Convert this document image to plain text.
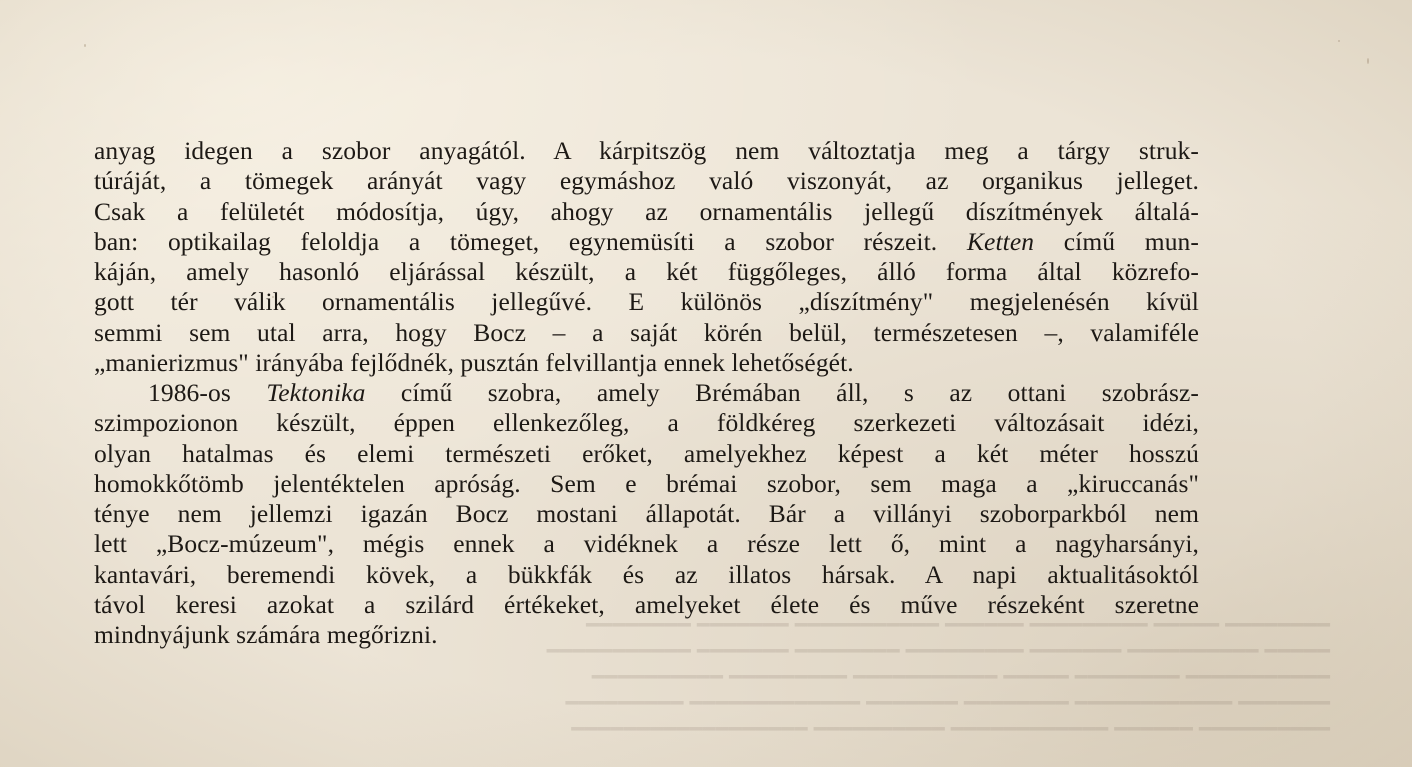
━━━━━━━━ ━━━━━ ━━━━━━━━━ ━━━━━━ ━━━━━━━━━━━ ━━━━━━━ ━━━━━━━━
━━━━━ ━━━━━━━━━━ ━━━━━━━ ━━━━━━━━━ ━━━━━━━━ ━━━━━━━ ━━━━━━━━━━━
━━━━━━━━━━━ ━━━━━━━━ ━━━━━ ━━━━━━━━━━━ ━━━━━━━━━ ━━━━━━━━━━
━━━━━━━ ━━━━━━━━━━━━ ━━━━━━━━ ━━━━━━━ ━━━━━━━━━━━━━ ━━━━━━━━━
━━━━━━━━━━ ━━━━━━ ━━━━━━━━━━━━ ━━━━━━━━━━ ━━━━━━━━━━━━━━━━━━
anyag idegen a szobor anyagától. A kárpitszög nem változtatja meg a tárgy struk-
túráját, a tömegek arányát vagy egymáshoz való viszonyát, az organikus jelleget.
Csak a felületét módosítja, úgy, ahogy az ornamentális jellegű díszítmények általá-
ban: optikailag feloldja a tömeget, egynemüsíti a szobor részeit. Ketten című mun-
káján, amely hasonló eljárással készült, a két függőleges, álló forma által közrefo-
gott tér válik ornamentális jellegűvé. E különös „díszítmény" megjelenésén kívül
semmi sem utal arra, hogy Bocz – a saját körén belül, természetesen –, valamiféle
„manierizmus" irányába fejlődnék, pusztán felvillantja ennek lehetőségét.
1986-os Tektonika című szobra, amely Brémában áll, s az ottani szobrász-
szimpozionon készült, éppen ellenkezőleg, a földkéreg szerkezeti változásait idézi,
olyan hatalmas és elemi természeti erőket, amelyekhez képest a két méter hosszú
homokkőtömb jelentéktelen apróság. Sem e brémai szobor, sem maga a „kiruccanás"
ténye nem jellemzi igazán Bocz mostani állapotát. Bár a villányi szoborparkból nem
lett „Bocz-múzeum", mégis ennek a vidéknek a része lett ő, mint a nagyharsányi,
kantavári, beremendi kövek, a bükkfák és az illatos hársak. A napi aktualitásoktól
távol keresi azokat a szilárd értékeket, amelyeket élete és műve részeként szeretne
mindnyájunk számára megőrizni.
